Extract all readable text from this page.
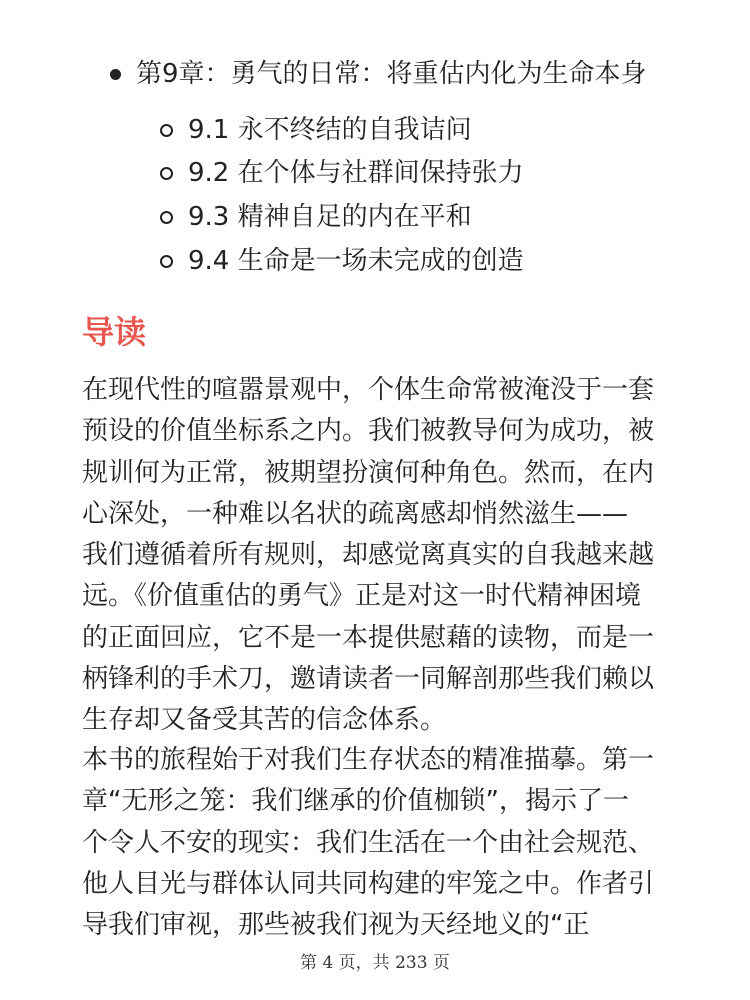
第9章：勇气的日常：将重估内化为生命本身
9.1 永不终结的自我诘问
9.2 在个体与社群间保持张力
9.3 精神自足的内在平和
9.4 生命是一场未完成的创造
导读
在现代性的喧嚣景观中，个体生命常被淹没于一套
预设的价值坐标系之内。我们被教导何为成功，被
规训何为正常，被期望扮演何种角色。然而，在内
心深处，一种难以名状的疏离感却悄然滋生——
我们遵循着所有规则，却感觉离真实的自我越来越
远。《价值重估的勇气》正是对这一时代精神困境
的正面回应，它不是一本提供慰藉的读物，而是一
柄锋利的手术刀，邀请读者一同解剖那些我们赖以
生存却又备受其苦的信念体系。
本书的旅程始于对我们生存状态的精准描摹。第一
章“无形之笼：我们继承的价值枷锁”，揭示了一
个令人不安的现实：我们生活在一个由社会规范、
他人目光与群体认同共同构建的牢笼之中。作者引
导我们审视，那些被我们视为天经地义的“正
第 4 页，共 233 页
